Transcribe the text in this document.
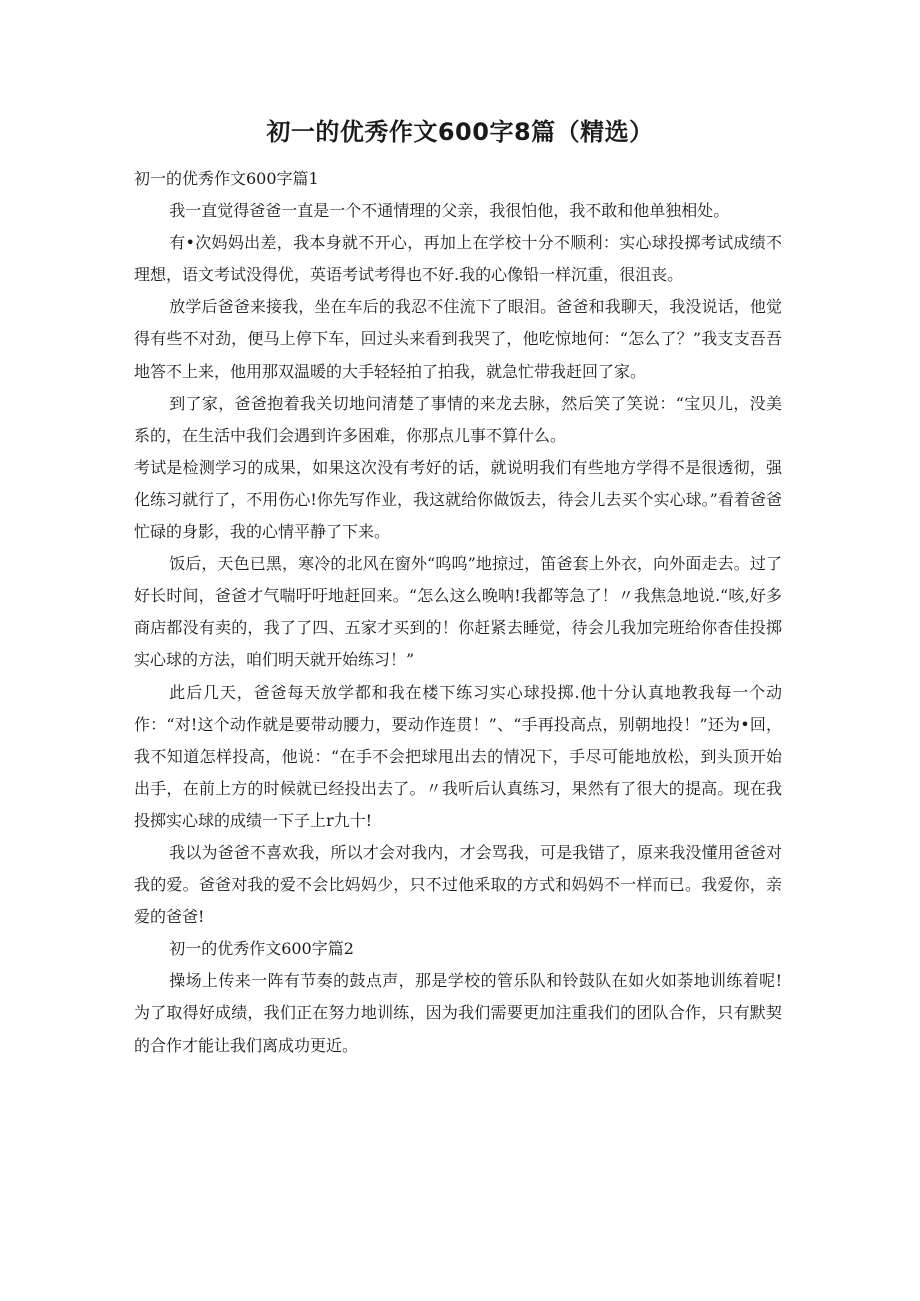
初一的优秀作文600字8篇（精选）

初一的优秀作文600字篇1

我一直觉得爸爸一直是一个不通情理的父亲，我很怕他，我不敢和他单独相处。

有•次妈妈出差，我本身就不开心，再加上在学校十分不顺利：实心球投掷考试成绩不理想，语文考试没得优，英语考试考得也不好.我的心像铅一样沉重，很沮丧。

放学后爸爸来接我，坐在车后的我忍不住流下了眼泪。爸爸和我聊天，我没说话，他觉得有些不对劲，便马上停下车，回过头来看到我哭了，他吃惊地何：“怎么了？”我支支吾吾地答不上来，他用那双温暖的大手轻轻拍了拍我，就急忙带我赶回了家。

到了家，爸爸抱着我关切地问清楚了事情的来龙去脉，然后笑了笑说：“宝贝儿，没美系的，在生活中我们会遇到许多困难，你那点儿事不算什么。

考试是检测学习的成果，如果这次没有考好的话，就说明我们有些地方学得不是很透彻，强化练习就行了，不用伤心!你先写作业，我这就给你做饭去，待会儿去买个实心球。”看着爸爸忙碌的身影，我的心情平静了下来。

饭后，天色已黑，寒冷的北风在窗外“呜呜”地掠过，笛爸套上外衣，向外面走去。过了好长时间，爸爸才气喘吁吁地赶回来。“怎么这么晚呐!我都等急了！〃我焦急地说.“咳,好多商店都没有卖的，我了了四、五家才买到的！你赶紧去睡觉，待会儿我加完班给你杳佳投掷实心球的方法，咱们明天就开始练习！”

此后几天，爸爸每天放学都和我在楼下练习实心球投掷.他十分认真地教我每一个动作：“对!这个动作就是要带动腰力，要动作连贯！”、“手再投高点，别朝地投！”还为•回，我不知道怎样投高，他说：“在手不会把球甩出去的情况下，手尽可能地放松，到头顶开始出手，在前上方的时候就已经投出去了。〃我听后认真练习，果然有了很大的提高。现在我投掷实心球的成绩一下子上r九十!

我以为爸爸不喜欢我，所以才会对我内，才会骂我，可是我错了，原来我没懂用爸爸对我的爱。爸爸对我的爱不会比妈妈少，只不过他釆取的方式和妈妈不一样而已。我爱你，亲爱的爸爸!

初一的优秀作文600字篇2

操场上传来一阵有节奏的鼓点声，那是学校的管乐队和铃鼓队在如火如荼地训练着呢!为了取得好成绩，我们正在努力地训练，因为我们需要更加注重我们的团队合作，只有默契的合作才能让我们离成功更近。
